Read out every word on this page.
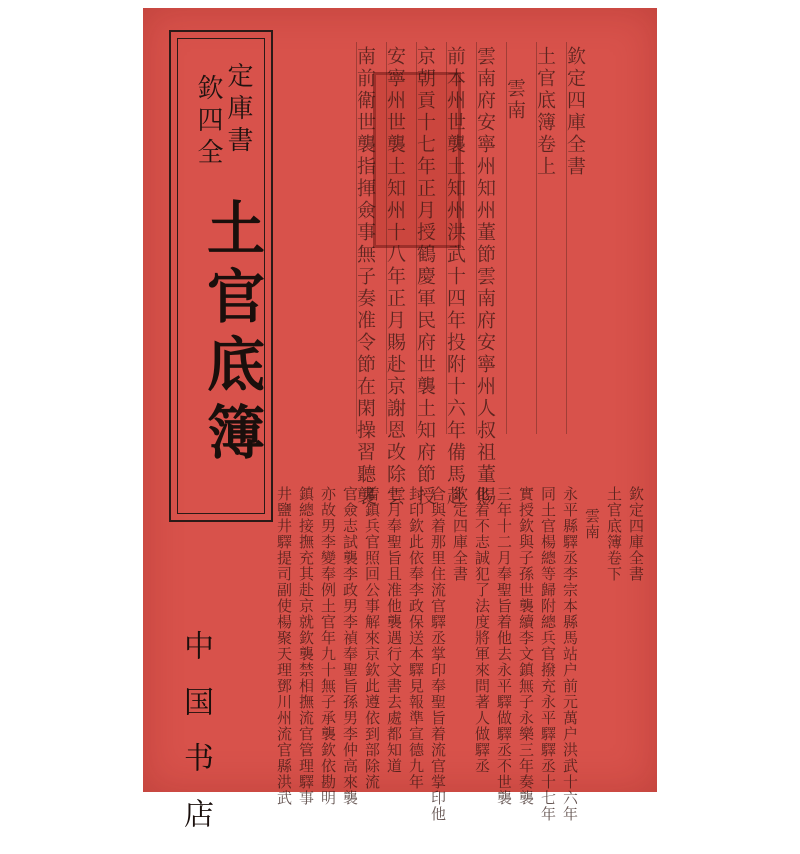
定庫書
欽四全
土官底簿
欽定四庫全書
土官底簿卷上
雲南
雲南府安寧州知州董節雲南府安寧州人叔祖董賜
前本州世襲土知州洪武十四年投附十六年備馬赴
京朝貢十七年正月授鶴慶軍民府世襲土知府節授
安寧州世襲土知州十八年正月賜赴京謝恩改除雲
南前衛世襲指揮僉事無子奏准令節在閑操習聽襲
欽定四庫全書
土官底簿卷下
雲南
永平縣驛丞李宗本縣馬站户前元萬户洪武十六年
同土官楊總等歸附總兵官撥充永平驛驛丞十七年
實授欽與子孫世襲續李文鎮無子永樂三年奏襲
三年十二月奉聖旨着他去永平驛做驛丞不世襲
化着不志誠犯了法度將軍來問著人做驛丞
欽定四庫全書
合與着那里住流官驛丞掌印奉聖旨着流官掌印他
封印欽此依奉李政保送本驛見報準宣德九年
七月奉聖旨且准他襲遇行文書去處都知道
着鎮兵官照回公事解來京欽此遵依到部除流
官僉志試襲李政男李禎奉聖旨孫男李仲高來襲
亦故男李變奉例土官年九十無子承襲欽依勘明
鎮總接撫充其赴京就欽襲禁相撫流官管理驛事
井鹽井驛提司副使楊聚天理鄧川州流官縣洪武
中国书店
